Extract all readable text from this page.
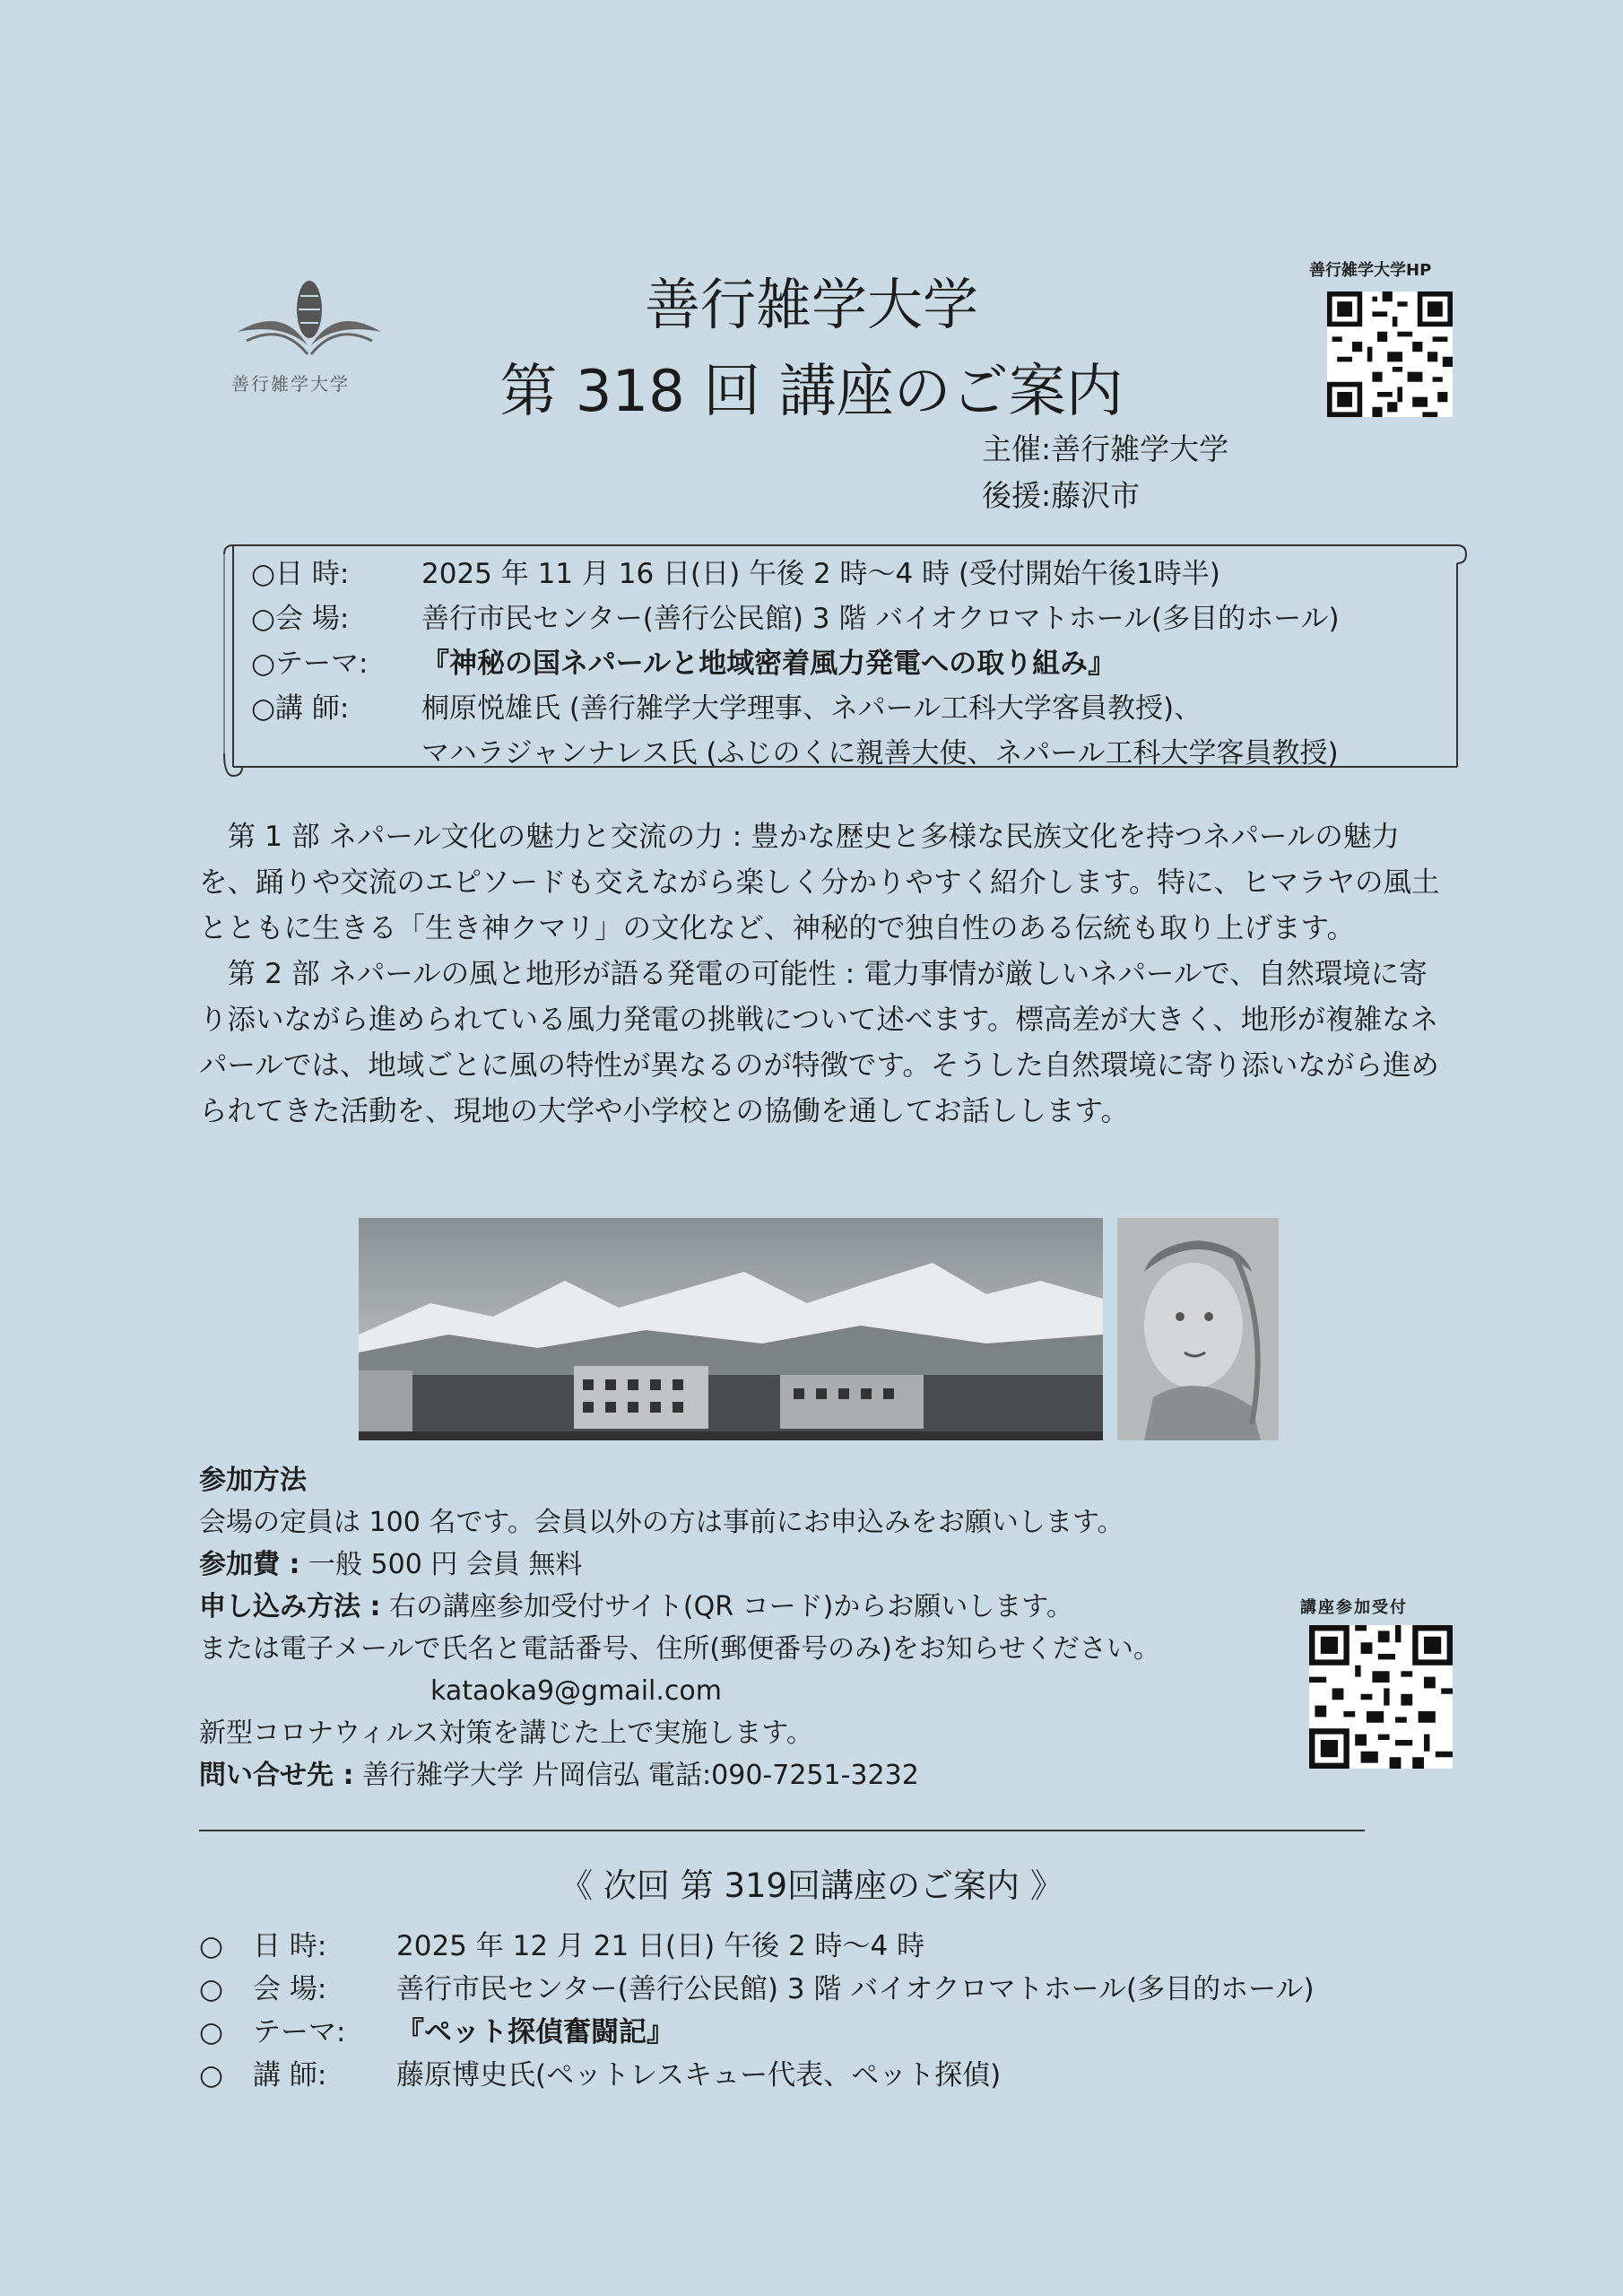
善行雑学大学
善行雑学大学
第 318 回 講座のご案内
善行雑学大学HP
主催:善行雑学大学
後援:藤沢市
○日 時:	2025 年 11 月 16 日(日) 午後 2 時〜4 時 (受付開始午後1時半)
○会 場:	善行市民センター(善行公民館) 3 階 バイオクロマトホール(多目的ホール)
○テーマ:	『神秘の国ネパールと地域密着風力発電への取り組み』
○講 師:	桐原悦雄氏 (善行雑学大学理事、ネパール工科大学客員教授)、
マハラジャンナレス氏 (ふじのくに親善大使、ネパール工科大学客員教授)

第 1 部 ネパール文化の魅力と交流の力 : 豊かな歴史と多様な民族文化を持つネパールの魅力を、踊りや交流のエピソードも交えながら楽しく分かりやすく紹介します。特に、ヒマラヤの風土とともに生きる「生き神クマリ」の文化など、神秘的で独自性のある伝統も取り上げます。

第 2 部 ネパールの風と地形が語る発電の可能性 : 電力事情が厳しいネパールで、自然環境に寄り添いながら進められている風力発電の挑戦について述べます。標高差が大きく、地形が複雑なネパールでは、地域ごとに風の特性が異なるのが特徴です。そうした自然環境に寄り添いながら進められてきた活動を、現地の大学や小学校との協働を通してお話しします。

参加方法
会場の定員は 100 名です。会員以外の方は事前にお申込みをお願いします。
参加費 : 一般 500 円 会員 無料
申し込み方法 : 右の講座参加受付サイト(QR コード)からお願いします。
または電子メールで氏名と電話番号、住所(郵便番号のみ)をお知らせください。
kataoka9@gmail.com
新型コロナウィルス対策を講じた上で実施します。
問い合せ先 : 善行雑学大学 片岡信弘 電話:090-7251-3232
講座参加受付
《 次回 第 319回講座のご案内 》
○	日 時:	2025 年 12 月 21 日(日) 午後 2 時〜4 時
○	会 場:	善行市民センター(善行公民館) 3 階 バイオクロマトホール(多目的ホール)
○	テーマ:	『ペット探偵奮闘記』
○	講 師:	藤原博史氏(ペットレスキュー代表、ペット探偵)
